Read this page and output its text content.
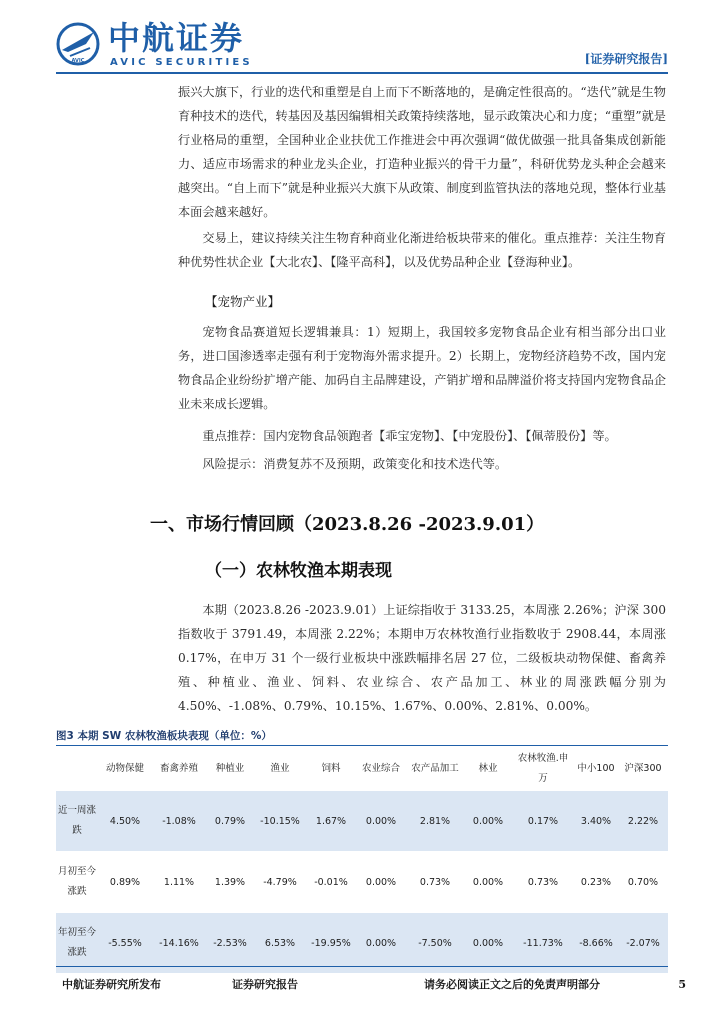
AVIC
中航证券
AVIC SECURITIES	[证券研究报告]
振兴大旗下，行业的迭代和重塑是自上而下不断落地的，是确定性很高的。“迭代”就是生物育种技术的迭代，转基因及基因编辑相关政策持续落地，显示政策决心和力度；“重塑”就是行业格局的重塑，全国种业企业扶优工作推进会中再次强调“做优做强一批具备集成创新能力、适应市场需求的种业龙头企业，打造种业振兴的骨干力量”，科研优势龙头种企会越来越突出。“自上而下”就是种业振兴大旗下从政策、制度到监管执法的落地兑现，整体行业基本面会越来越好。
交易上，建议持续关注生物育种商业化渐进给板块带来的催化。重点推荐：关注生物育种优势性状企业【大北农】、【隆平高科】，以及优势品种企业【登海种业】。
【宠物产业】
宠物食品赛道短长逻辑兼具：1）短期上，我国较多宠物食品企业有相当部分出口业务，进口国渗透率走强有利于宠物海外需求提升。2）长期上，宠物经济趋势不改，国内宠物食品企业纷纷扩增产能、加码自主品牌建设，产销扩增和品牌溢价将支持国内宠物食品企业未来成长逻辑。
重点推荐：国内宠物食品领跑者【乖宝宠物】、【中宠股份】、【佩蒂股份】等。
风险提示：消费复苏不及预期，政策变化和技术迭代等。
一、市场行情回顾（2023.8.26 -2023.9.01）
（一）农林牧渔本期表现
本期（2023.8.26 -2023.9.01）上证综指收于 3133.25，本周涨 2.26%；沪深 300 指数收于 3791.49，本周涨 2.22%；本期申万农林牧渔行业指数收于 2908.44，本周涨 0.17%，在申万 31 个一级行业板块中涨跌幅排名居 27 位，二级板块动物保健、畜禽养殖、种植业、渔业、饲料、农业综合、农产品加工、林业的周涨跌幅分别为 4.50%、-1.08%、0.79%、10.15%、1.67%、0.00%、2.81%、0.00%。
图3 本期 SW 农林牧渔板块表现（单位：%）
	动物保健	畜禽养殖	种植业	渔业	饲料	农业综合	农产品加工	林业	农林牧渔.申万	中小100	沪深300
近一周涨跌	4.50%	-1.08%	0.79%	-10.15%	1.67%	0.00%	2.81%	0.00%	0.17%	3.40%	2.22%
月初至今涨跌	0.89%	1.11%	1.39%	-4.79%	-0.01%	0.00%	0.73%	0.00%	0.73%	0.23%	0.70%
年初至今涨跌	-5.55%	-14.16%	-2.53%	6.53%	-19.95%	0.00%	-7.50%	0.00%	-11.73%	-8.66%	-2.07%
中航证券研究所发布	证券研究报告	请务必阅读正文之后的免责声明部分	5
